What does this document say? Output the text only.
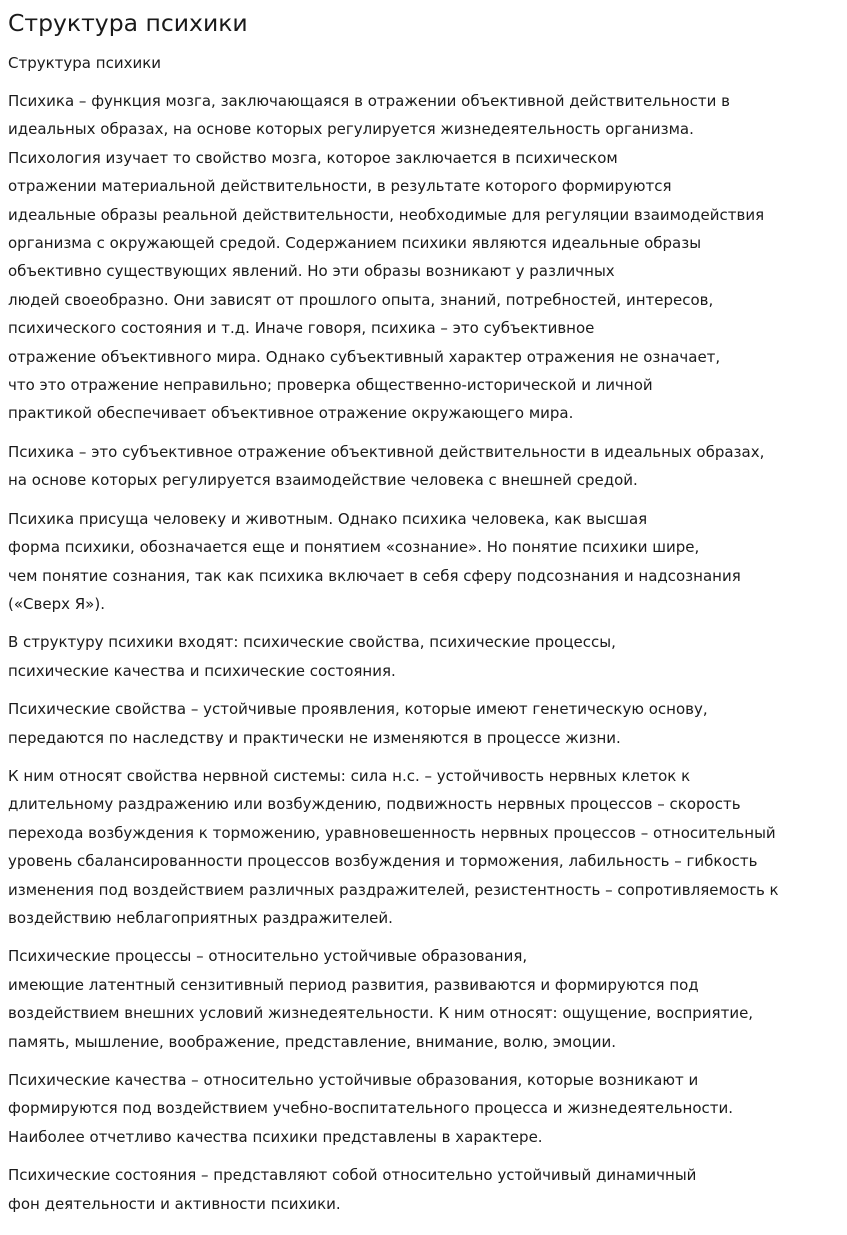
Структура психики
Структура психики

Психика – функция мозга, заключающаяся в отражении объективной действительности в
идеальных образах, на основе которых регулируется жизнедеятельность организма.
Психология изучает то свойство мозга, которое заключается в психическом
отражении материальной действительности, в результате которого формируются
идеальные образы реальной действительности, необходимые для регуляции взаимодействия
организма с окружающей средой. Содержанием психики являются идеальные образы
объективно существующих явлений. Но эти образы возникают у различных
людей своеобразно. Они зависят от прошлого опыта, знаний, потребностей, интересов,
психического состояния и т.д. Иначе говоря, психика – это субъективное
отражение объективного мира. Однако субъективный характер отражения не означает,
что это отражение неправильно; проверка общественно-исторической и личной
практикой обеспечивает объективное отражение окружающего мира.

Психика – это субъективное отражение объективной действительности в идеальных образах,
на основе которых регулируется взаимодействие человека с внешней средой.

Психика присуща человеку и животным. Однако психика человека, как высшая
форма психики, обозначается еще и понятием «сознание». Но понятие психики шире,
чем понятие сознания, так как психика включает в себя сферу подсознания и надсознания
(«Сверх Я»).

В структуру психики входят: психические свойства, психические процессы,
психические качества и психические состояния.

Психические свойства – устойчивые проявления, которые имеют генетическую основу,
передаются по наследству и практически не изменяются в процессе жизни.

К ним относят свойства нервной системы: сила н.с. – устойчивость нервных клеток к
длительному раздражению или возбуждению, подвижность нервных процессов – скорость
перехода возбуждения к торможению, уравновешенность нервных процессов – относительный
уровень сбалансированности процессов возбуждения и торможения, лабильность – гибкость
изменения под воздействием различных раздражителей, резистентность – сопротивляемость к
воздействию неблагоприятных раздражителей.

Психические процессы – относительно устойчивые образования,
имеющие латентный сензитивный период развития, развиваются и формируются под
воздействием внешних условий жизнедеятельности. К ним относят: ощущение, восприятие,
память, мышление, воображение, представление, внимание, волю, эмоции.

Психические качества – относительно устойчивые образования, которые возникают и
формируются под воздействием учебно-воспитательного процесса и жизнедеятельности.
Наиболее отчетливо качества психики представлены в характере.

Психические состояния – представляют собой относительно устойчивый динамичный
фон деятельности и активности психики.
